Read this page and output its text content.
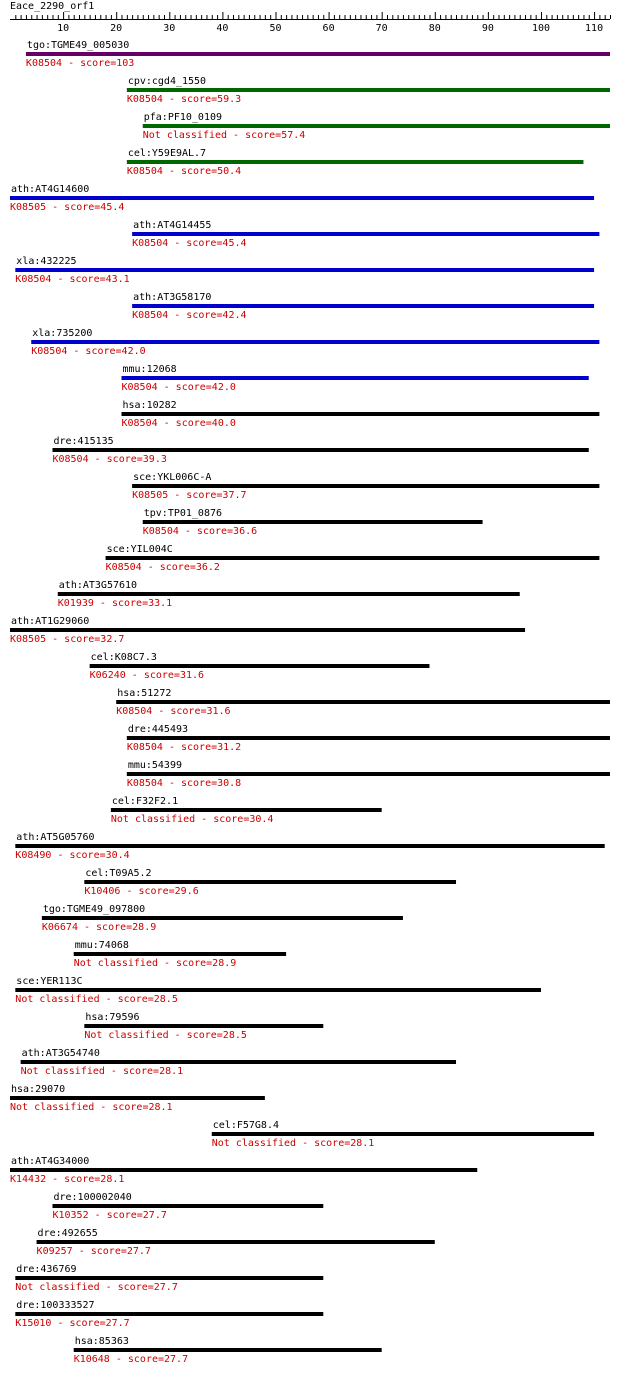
Eace_2290_orf1
10	20	30	40	50	60	70	80	90	100	110
tgo:TGME49_005030
K08504 - score=103
cpv:cgd4_1550
K08504 - score=59.3
pfa:PF10_0109
Not classified - score=57.4
cel:Y59E9AL.7
K08504 - score=50.4
ath:AT4G14600
K08505 - score=45.4
ath:AT4G14455
K08504 - score=45.4
xla:432225
K08504 - score=43.1
ath:AT3G58170
K08504 - score=42.4
xla:735200
K08504 - score=42.0
mmu:12068
K08504 - score=42.0
hsa:10282
K08504 - score=40.0
dre:415135
K08504 - score=39.3
sce:YKL006C-A
K08505 - score=37.7
tpv:TP01_0876
K08504 - score=36.6
sce:YIL004C
K08504 - score=36.2
ath:AT3G57610
K01939 - score=33.1
ath:AT1G29060
K08505 - score=32.7
cel:K08C7.3
K06240 - score=31.6
hsa:51272
K08504 - score=31.6
dre:445493
K08504 - score=31.2
mmu:54399
K08504 - score=30.8
cel:F32F2.1
Not classified - score=30.4
ath:AT5G05760
K08490 - score=30.4
cel:T09A5.2
K10406 - score=29.6
tgo:TGME49_097800
K06674 - score=28.9
mmu:74068
Not classified - score=28.9
sce:YER113C
Not classified - score=28.5
hsa:79596
Not classified - score=28.5
ath:AT3G54740
Not classified - score=28.1
hsa:29070
Not classified - score=28.1
cel:F57G8.4
Not classified - score=28.1
ath:AT4G34000
K14432 - score=28.1
dre:100002040
K10352 - score=27.7
dre:492655
K09257 - score=27.7
dre:436769
Not classified - score=27.7
dre:100333527
K15010 - score=27.7
hsa:85363
K10648 - score=27.7
